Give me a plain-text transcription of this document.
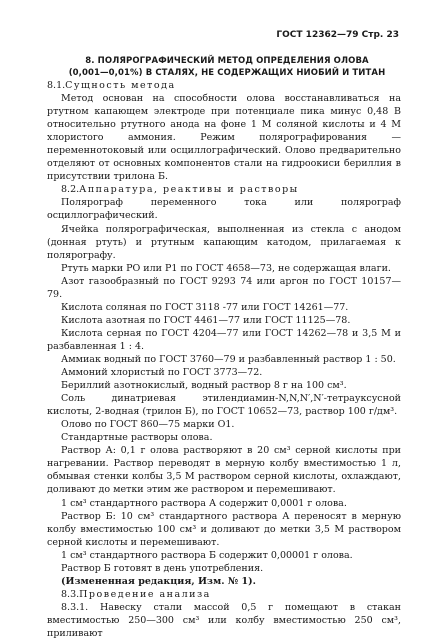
ГОСТ 12362—79 Стр. 23
8. ПОЛЯРОГРАФИЧЕСКИЙ МЕТОД ОПРЕДЕЛЕНИЯ ОЛОВА
(0,001—0,01%) В СТАЛЯХ, НЕ СОДЕРЖАЩИХ НИОБИЙ И ТИТАН

8.1.Сущность метода

Метод основан на способности олова восстанавливаться на ртутном капающем электроде при потенциале пика минус 0,48 В относительно ртутного анода на фоне 1 М соляной кислоты и 4 М хлористого аммония. Режим полярографирования — переменнотоковый или осциллографический. Олово предварительно отделяют от основных компонентов стали на гидроокиси бериллия в присутствии трилона Б.

8.2.Аппаратура, реактивы и растворы

Полярограф переменного тока или полярограф осциллографический.

Ячейка полярографическая, выполненная из стекла с анодом (донная ртуть) и ртутным капающим катодом, прилагаемая к полярографу.

Ртуть марки РО или Р1 по ГОСТ 4658—73, не содержащая влаги.

Азот газообразный по ГОСТ 9293 74 или аргон по ГОСТ 10157—79.

Кислота соляная по ГОСТ 3118 -77 или ГОСТ 14261—77.

Кислота азотная по ГОСТ 4461—77 или ГОСТ 11125—78.

Кислота серная по ГОСТ 4204—77 или ГОСТ 14262—78 и 3,5 М и разбавленная 1 : 4.

Аммиак водный по ГОСТ 3760—79 и разбавленный раствор 1 : 50.

Аммоний хлористый по ГОСТ 3773—72.

Бериллий азотнокислый, водный раствор 8 г на 100 см³.

Соль динатриевая этилендиамин-N,N,N′,N′-тетрауксусной кислоты, 2-водная (трилон Б), по ГОСТ 10652—73, раствор 100 г/дм³.

Олово по ГОСТ 860—75 марки О1.

Стандартные растворы олова.

Раствор А: 0,1 г олова растворяют в 20 см³ серной кислоты при нагревании. Раствор переводят в мерную колбу вместимостью 1 л, обмывая стенки колбы 3,5 М раствором серной кислоты, охлаждают, доливают до метки этим же раствором и перемешивают.

1 см³ стандартного раствора А содержит 0,0001 г олова.

Раствор Б: 10 см³ стандартного раствора А переносят в мерную колбу вместимостью 100 см³ и доливают до метки 3,5 М раствором серной кислоты и перемешивают.

1 см³ стандартного раствора Б содержит 0,00001 г олова.

Раствор Б готовят в день употребления.

(Измененная редакция, Изм. № 1).

8.3.Проведение анализа

8.3.1. Навеску стали массой 0,5 г помещают в стакан вместимостью 250—300 см³ или колбу вместимостью 250 см³, приливают
